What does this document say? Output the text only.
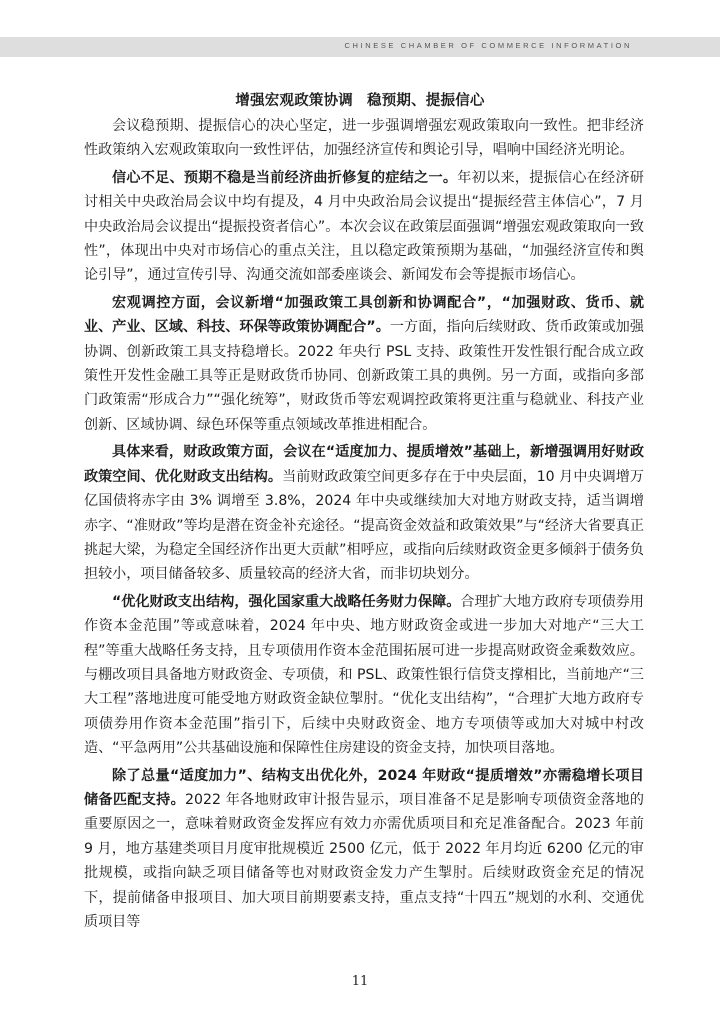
CHINESE CHAMBER OF COMMERCE INFORMATION
增强宏观政策协调 稳预期、提振信心

会议稳预期、提振信心的决心坚定，进一步强调增强宏观政策取向一致性。把非经济性政策纳入宏观政策取向一致性评估，加强经济宣传和舆论引导，唱响中国经济光明论。

信心不足、预期不稳是当前经济曲折修复的症结之一。年初以来，提振信心在经济研讨相关中央政治局会议中均有提及，4 月中央政治局会议提出“提振经营主体信心”，7 月中央政治局会议提出“提振投资者信心”。本次会议在政策层面强调“增强宏观政策取向一致性”，体现出中央对市场信心的重点关注，且以稳定政策预期为基础，“加强经济宣传和舆论引导”，通过宣传引导、沟通交流如部委座谈会、新闻发布会等提振市场信心。

宏观调控方面，会议新增“加强政策工具创新和协调配合”，“加强财政、货币、就业、产业、区域、科技、环保等政策协调配合”。一方面，指向后续财政、货币政策或加强协调、创新政策工具支持稳增长。2022 年央行 PSL 支持、政策性开发性银行配合成立政策性开发性金融工具等正是财政货币协同、创新政策工具的典例。另一方面，或指向多部门政策需“形成合力”“强化统筹”，财政货币等宏观调控政策将更注重与稳就业、科技产业创新、区域协调、绿色环保等重点领域改革推进相配合。

具体来看，财政政策方面，会议在“适度加力、提质增效”基础上，新增强调用好财政政策空间、优化财政支出结构。当前财政政策空间更多存在于中央层面，10 月中央调增万亿国债将赤字由 3% 调增至 3.8%，2024 年中央或继续加大对地方财政支持，适当调增赤字、“准财政”等均是潜在资金补充途径。“提高资金效益和政策效果”与“经济大省要真正挑起大梁，为稳定全国经济作出更大贡献”相呼应，或指向后续财政资金更多倾斜于债务负担较小，项目储备较多、质量较高的经济大省，而非切块划分。

“优化财政支出结构，强化国家重大战略任务财力保障。合理扩大地方政府专项债券用作资本金范围”等或意味着，2024 年中央、地方财政资金或进一步加大对地产“三大工程”等重大战略任务支持，且专项债用作资本金范围拓展可进一步提高财政资金乘数效应。与棚改项目具备地方财政资金、专项债，和 PSL、政策性银行信贷支撑相比，当前地产“三大工程”落地进度可能受地方财政资金缺位掣肘。“优化支出结构”，“合理扩大地方政府专项债券用作资本金范围”指引下，后续中央财政资金、地方专项债等或加大对城中村改造、“平急两用”公共基础设施和保障性住房建设的资金支持，加快项目落地。

除了总量“适度加力”、结构支出优化外，2024 年财政“提质增效”亦需稳增长项目储备匹配支持。2022 年各地财政审计报告显示，项目准备不足是影响专项债资金落地的重要原因之一，意味着财政资金发挥应有效力亦需优质项目和充足准备配合。2023 年前 9 月，地方基建类项目月度审批规模近 2500 亿元，低于 2022 年月均近 6200 亿元的审批规模，或指向缺乏项目储备等也对财政资金发力产生掣肘。后续财政资金充足的情况下，提前储备申报项目、加大项目前期要素支持，重点支持“十四五”规划的水利、交通优质项目等

11
